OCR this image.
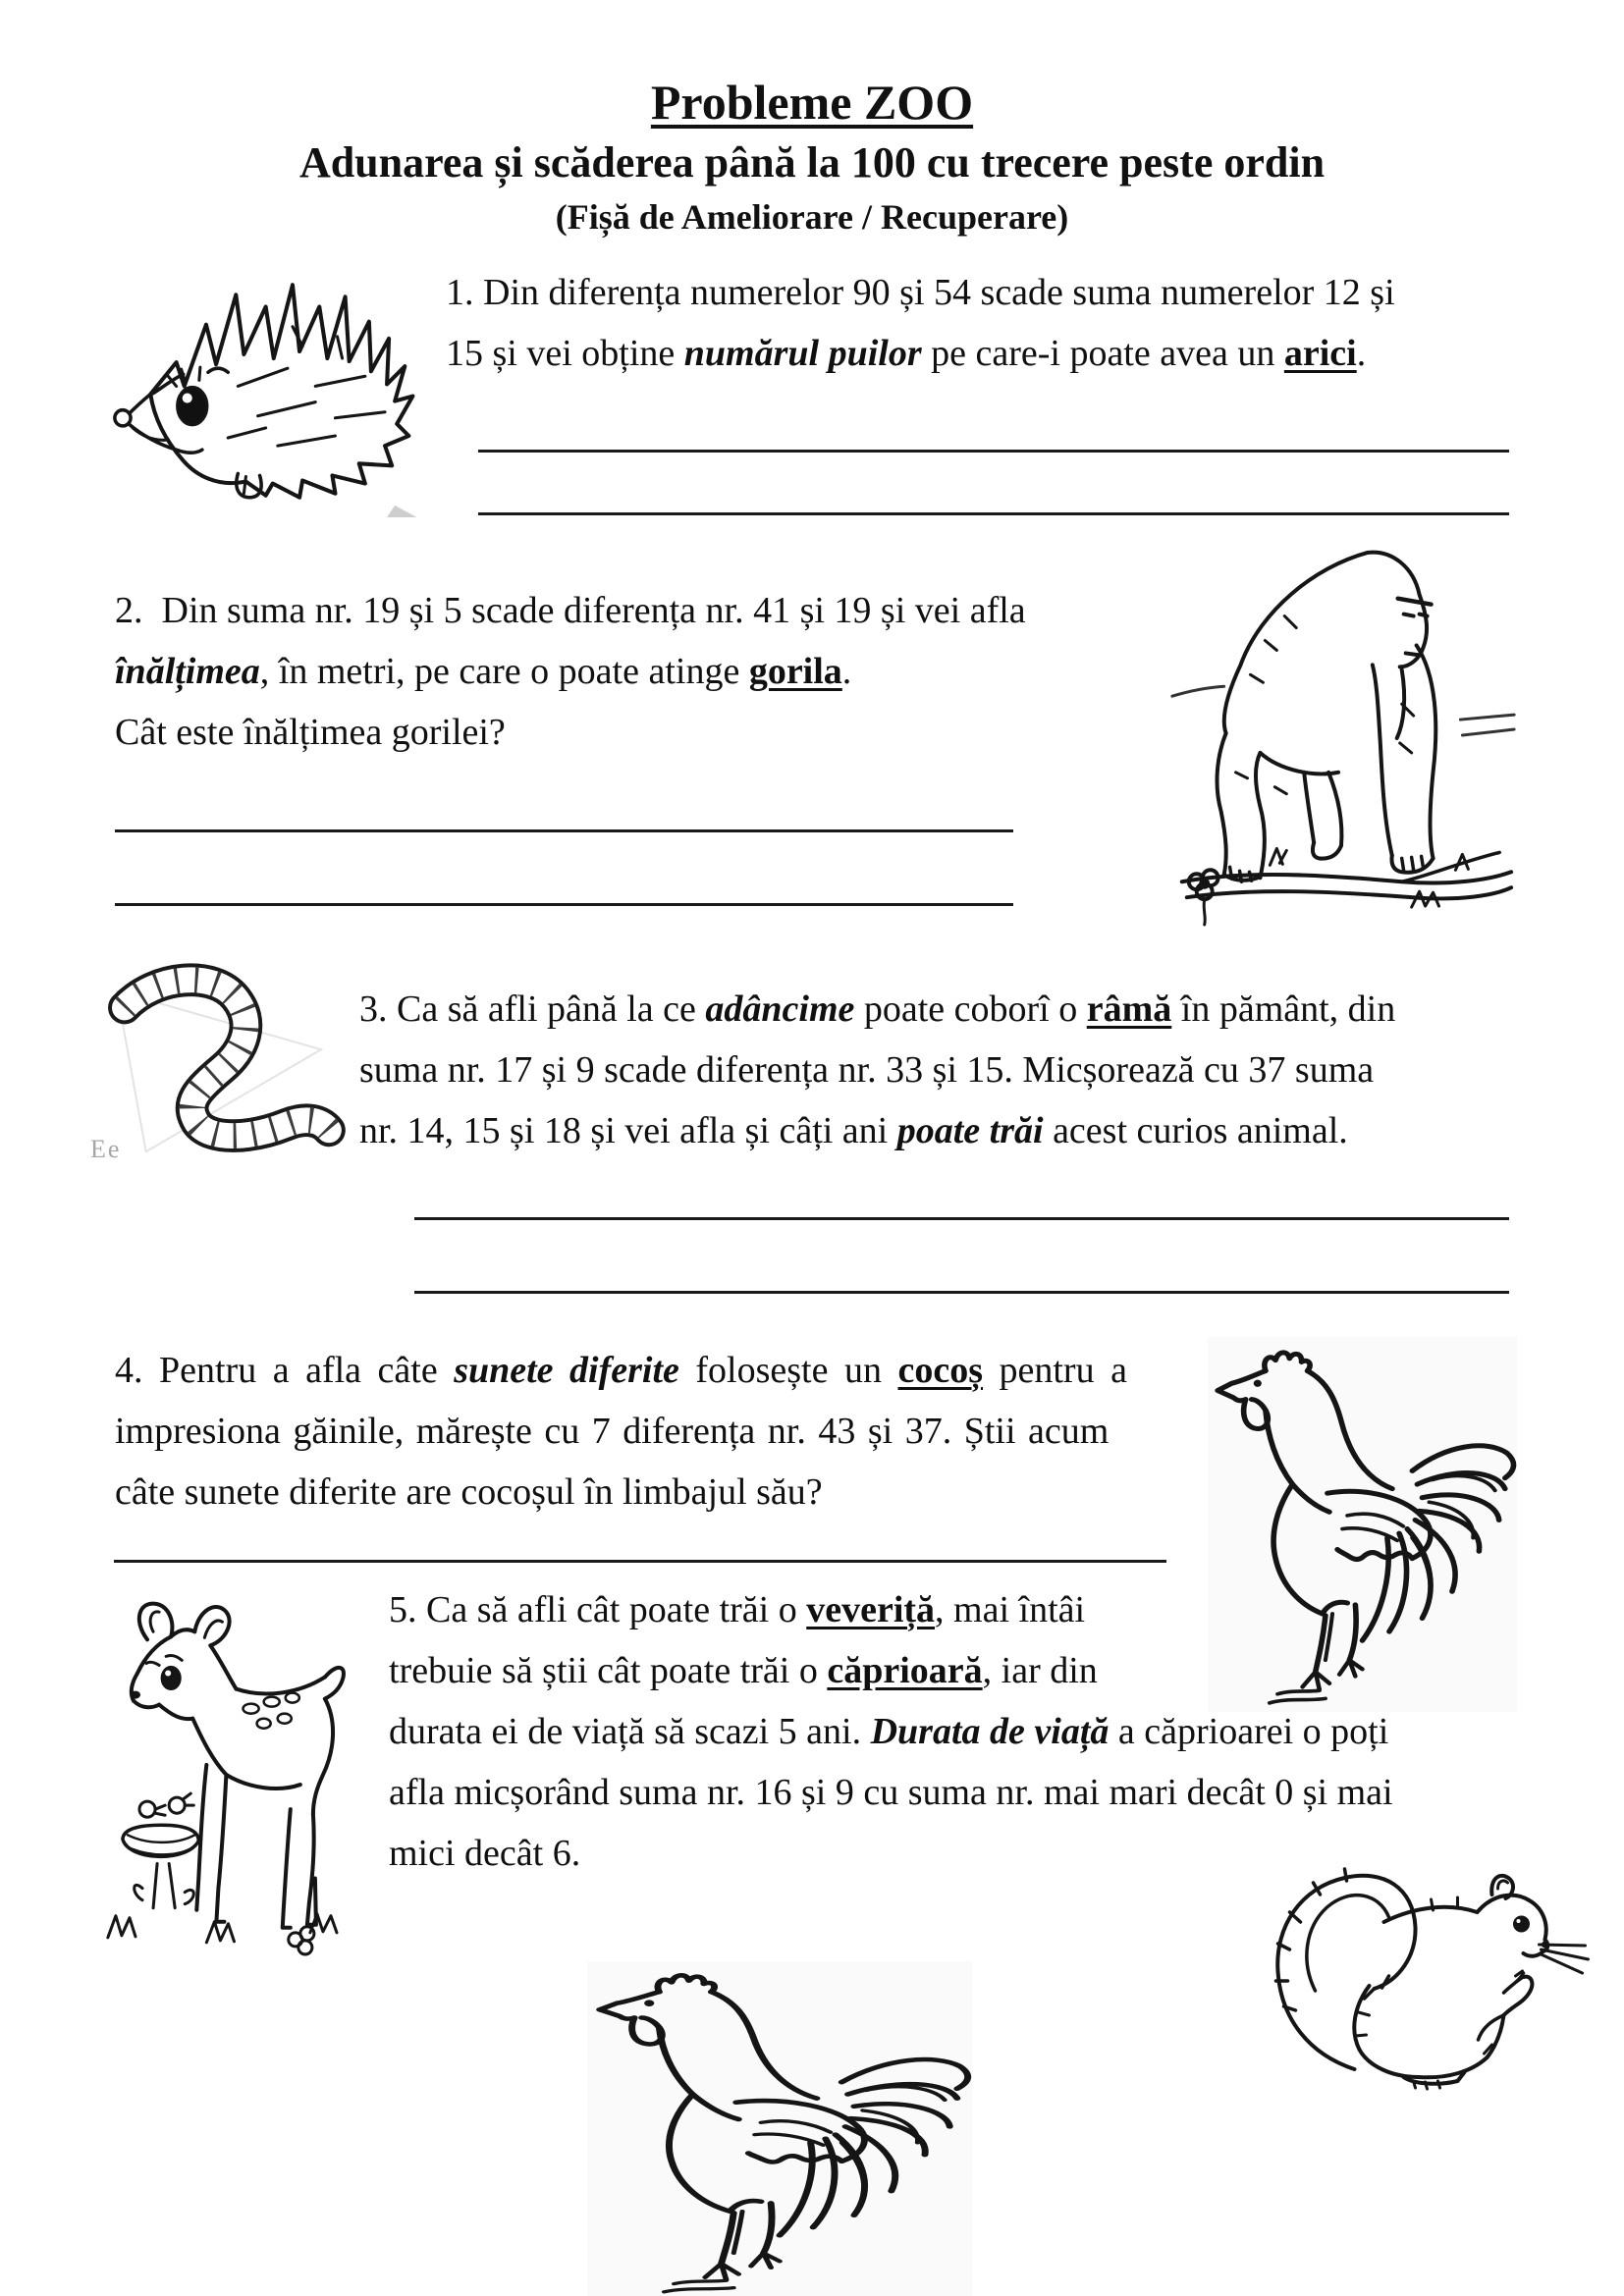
Probleme ZOO
Adunarea și scăderea până la 100 cu trecere peste ordin
(Fișă de Ameliorare / Recuperare)
1. Din diferența numerelor 90 și 54 scade suma numerelor 12 și
15 și vei obține numărul puilor pe care-i poate avea un arici.
2.  Din suma nr. 19 și 5 scade diferența nr. 41 și 19 și vei afla
înălțimea, în metri, pe care o poate atinge gorila.
Cât este înălțimea gorilei?
Ee
3. Ca să afli până la ce adâncime poate coborî o râmă în pământ, din
suma nr. 17 și 9 scade diferența nr. 33 și 15. Micșorează cu 37 suma
nr. 14, 15 și 18 și vei afla și câți ani poate trăi acest curios animal.
4. Pentru a afla câte sunete diferite folosește un cocoș pentru a
impresiona găinile, mărește cu 7 diferența nr. 43 și 37. Știi acum
câte sunete diferite are cocoșul în limbajul său?
5. Ca să afli cât poate trăi o veveriță, mai întâi
trebuie să știi cât poate trăi o căprioară, iar din
durata ei de viață să scazi 5 ani. Durata de viață a căprioarei o poți
afla micșorând suma nr. 16 și 9 cu suma nr. mai mari decât 0 și mai
mici decât 6.
